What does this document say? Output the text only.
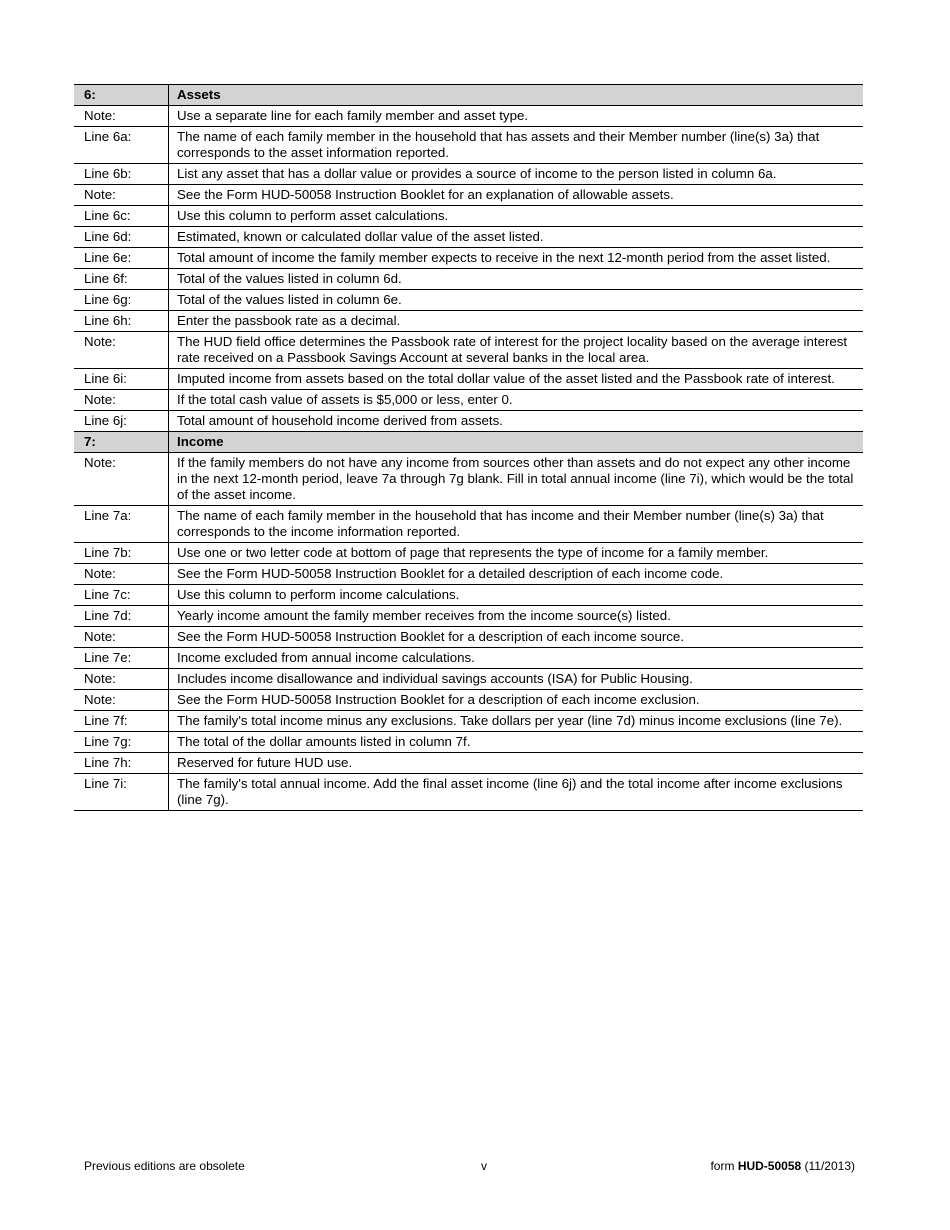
6:	Assets
Note:	Use a separate line for each family member and asset type.
Line 6a:	The name of each family member in the household that has assets and their Member number (line(s) 3a) that corresponds to the asset information reported.
Line 6b:	List any asset that has a dollar value or provides a source of income to the person listed in column 6a.
Note:	See the Form HUD-50058 Instruction Booklet for an explanation of allowable assets.
Line 6c:	Use this column to perform asset calculations.
Line 6d:	Estimated, known or calculated dollar value of the asset listed.
Line 6e:	Total amount of income the family member expects to receive in the next 12-month period from the asset listed.
Line 6f:	Total of the values listed in column 6d.
Line 6g:	Total of the values listed in column 6e.
Line 6h:	Enter the passbook rate as a decimal.
Note:	The HUD field office determines the Passbook rate of interest for the project locality based on the average interest rate received on a Passbook Savings Account at several banks in the local area.
Line 6i:	Imputed income from assets based on the total dollar value of the asset listed and the Passbook rate of interest.
Note:	If the total cash value of assets is $5,000 or less, enter 0.
Line 6j:	Total amount of household income derived from assets.
7:	Income
Note:	If the family members do not have any income from sources other than assets and do not expect any other income in the next 12-month period, leave 7a through 7g blank. Fill in total annual income (line 7i), which would be the total of the asset income.
Line 7a:	The name of each family member in the household that has income and their Member number (line(s) 3a) that corresponds to the income information reported.
Line 7b:	Use one or two letter code at bottom of page that represents the type of income for a family member.
Note:	See the Form HUD-50058 Instruction Booklet for a detailed description of each income code.
Line 7c:	Use this column to perform income calculations.
Line 7d:	Yearly income amount the family member receives from the income source(s) listed.
Note:	See the Form HUD-50058 Instruction Booklet for a description of each income source.
Line 7e:	Income excluded from annual income calculations.
Note:	Includes income disallowance and individual savings accounts (ISA) for Public Housing.
Note:	See the Form HUD-50058 Instruction Booklet for a description of each income exclusion.
Line 7f:	The family's total income minus any exclusions. Take dollars per year (line 7d) minus income exclusions (line 7e).
Line 7g:	The total of the dollar amounts listed in column 7f.
Line 7h:	Reserved for future HUD use.
Line 7i:	The family's total annual income. Add the final asset income (line 6j) and the total income after income exclusions (line 7g).
Previous editions are obsolete	v	form HUD-50058 (11/2013)
